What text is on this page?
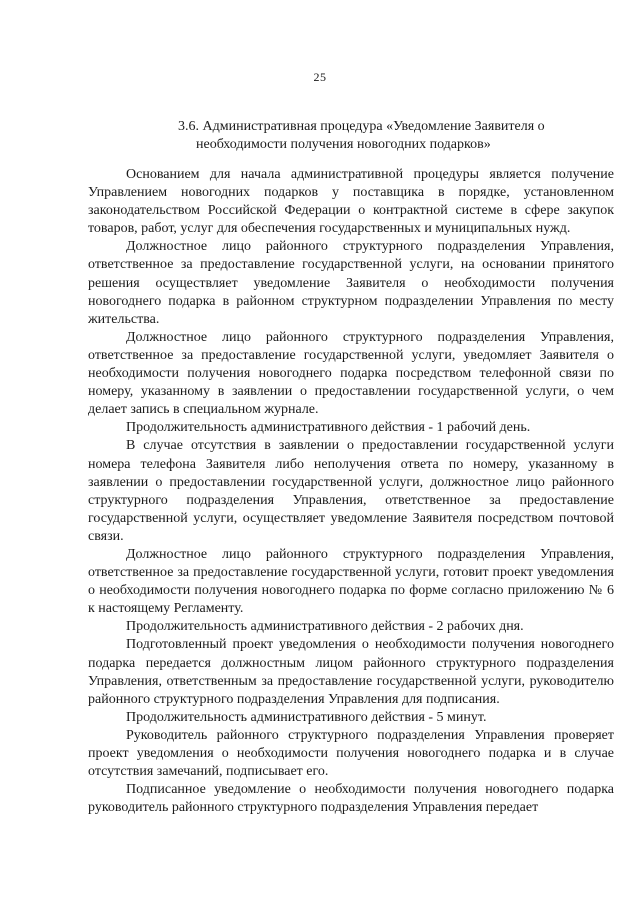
25
3.6. Административная процедура «Уведомление Заявителя о
необходимости получения новогодних подарков»

Основанием для начала административной процедуры является получение Управлением новогодних подарков у поставщика в порядке, установленном законодательством Российской Федерации о контрактной системе в сфере закупок товаров, работ, услуг для обеспечения государственных и муниципальных нужд.

Должностное лицо районного структурного подразделения Управления, ответственное за предоставление государственной услуги, на основании принятого решения осуществляет уведомление Заявителя о необходимости получения новогоднего подарка в районном структурном подразделении Управления по месту жительства.

Должностное лицо районного структурного подразделения Управления, ответственное за предоставление государственной услуги, уведомляет Заявителя о необходимости получения новогоднего подарка посредством телефонной связи по номеру, указанному в заявлении о предоставлении государственной услуги, о чем делает запись в специальном журнале.

Продолжительность административного действия - 1 рабочий день.

В случае отсутствия в заявлении о предоставлении государственной услуги номера телефона Заявителя либо неполучения ответа по номеру, указанному в заявлении о предоставлении государственной услуги, должностное лицо районного структурного подразделения Управления, ответственное за предоставление государственной услуги, осуществляет уведомление Заявителя посредством почтовой связи.

Должностное лицо районного структурного подразделения Управления, ответственное за предоставление государственной услуги, готовит проект уведомления о необходимости получения новогоднего подарка по форме согласно приложению № 6 к настоящему Регламенту.

Продолжительность административного действия - 2 рабочих дня.

Подготовленный проект уведомления о необходимости получения новогоднего подарка передается должностным лицом районного структурного подразделения Управления, ответственным за предоставление государственной услуги, руководителю районного структурного подразделения Управления для подписания.

Продолжительность административного действия - 5 минут.

Руководитель районного структурного подразделения Управления проверяет проект уведомления о необходимости получения новогоднего подарка и в случае отсутствия замечаний, подписывает его.

Подписанное уведомление о необходимости получения новогоднего подарка руководитель районного структурного подразделения Управления передает
